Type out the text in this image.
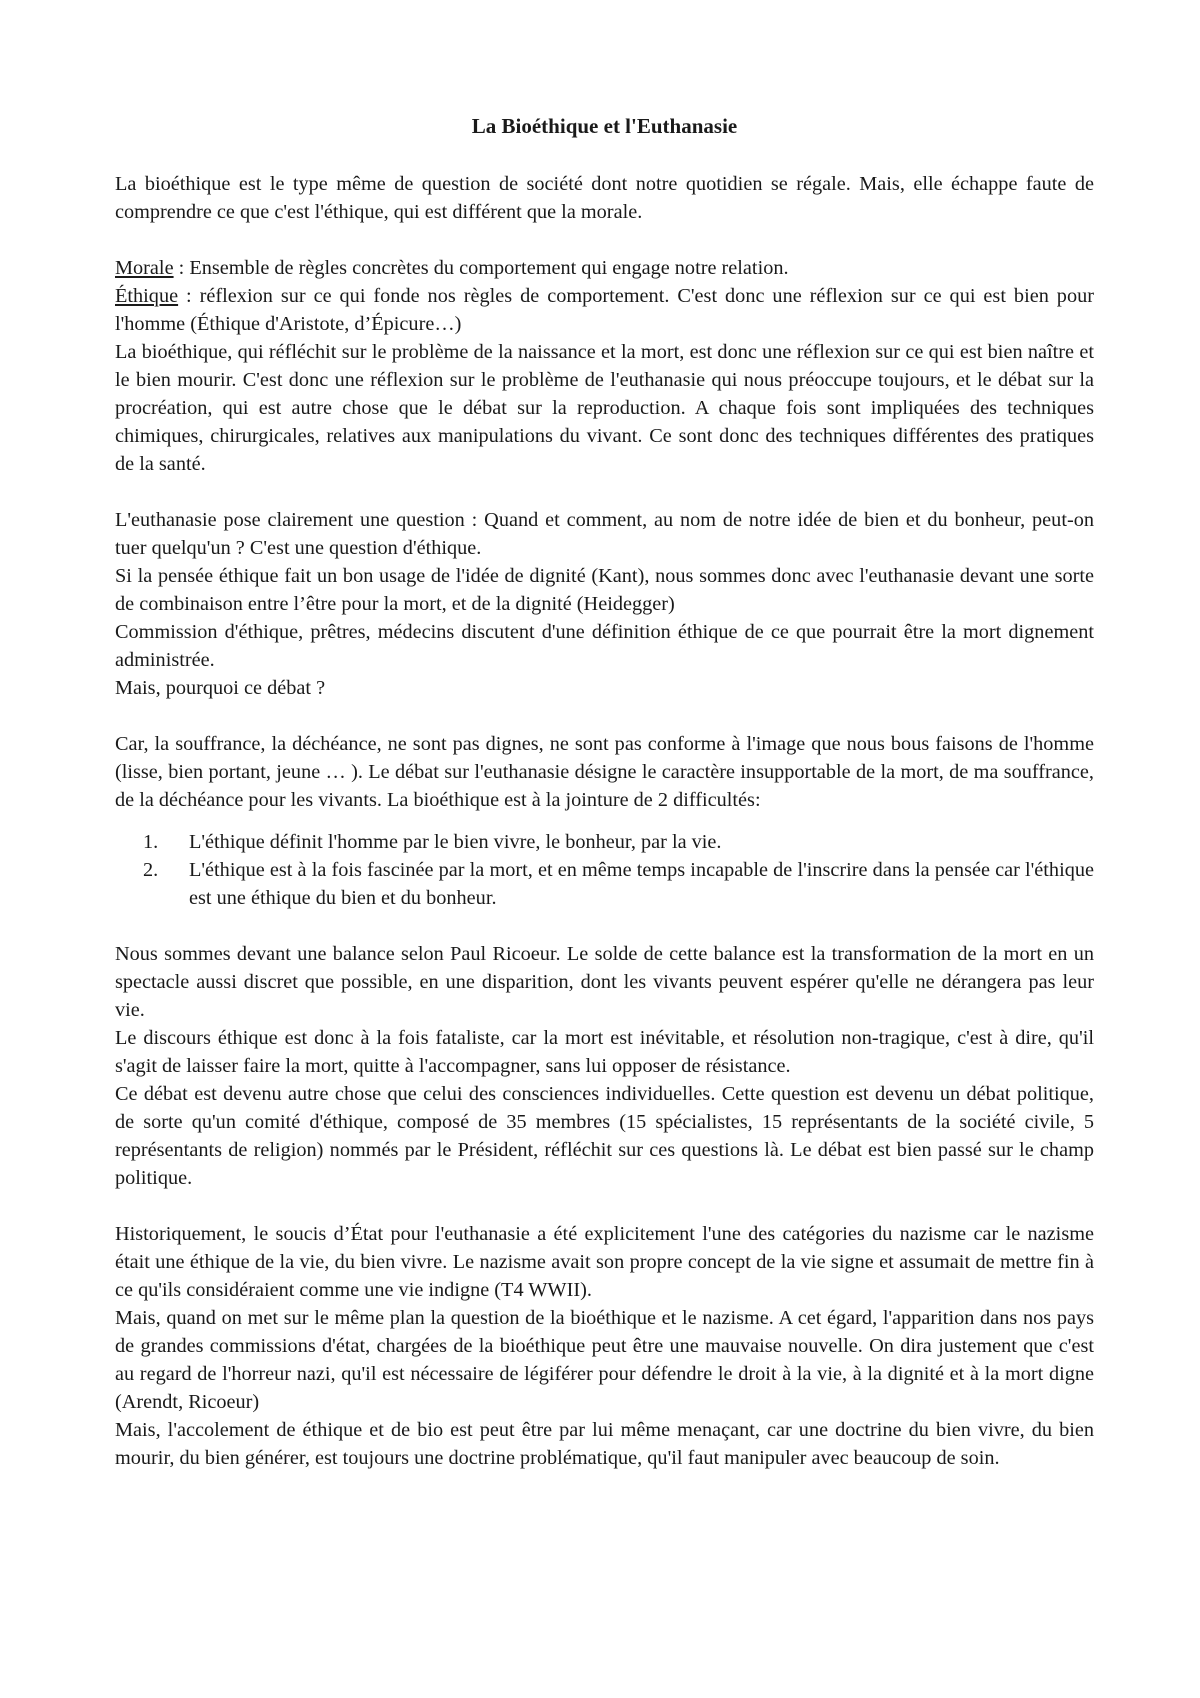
La Bioéthique et l'Euthanasie

La bioéthique est le type même de question de société dont notre quotidien se régale. Mais, elle échappe faute de comprendre ce que c'est l'éthique, qui est différent que la morale.

Morale : Ensemble de règles concrètes du comportement qui engage notre relation.

Éthique : réflexion sur ce qui fonde nos règles de comportement. C'est donc une réflexion sur ce qui est bien pour l'homme (Éthique d'Aristote, d’Épicure…)

La bioéthique, qui réfléchit sur le problème de la naissance et la mort, est donc une réflexion sur ce qui est bien naître et le bien mourir. C'est donc une réflexion sur le problème de l'euthanasie qui nous préoccupe toujours, et le débat sur la procréation, qui est autre chose que le débat sur la reproduction. A chaque fois sont impliquées des techniques chimiques, chirurgicales, relatives aux manipulations du vivant. Ce sont donc des techniques différentes des pratiques de la santé.

L'euthanasie pose clairement une question : Quand et comment, au nom de notre idée de bien et du bonheur, peut-on tuer quelqu'un ? C'est une question d'éthique.

Si la pensée éthique fait un bon usage de l'idée de dignité (Kant), nous sommes donc avec l'euthanasie devant une sorte de combinaison entre l’être pour la mort, et de la dignité (Heidegger)

Commission d'éthique, prêtres, médecins discutent d'une définition éthique de ce que pourrait être la mort dignement administrée.

Mais, pourquoi ce débat ?

Car, la souffrance, la déchéance, ne sont pas dignes, ne sont pas conforme à l'image que nous bous faisons de l'homme (lisse, bien portant, jeune … ). Le débat sur l'euthanasie désigne le caractère insupportable de la mort, de ma souffrance, de la déchéance pour les vivants. La bioéthique est à la jointure de 2 difficultés:

1. L'éthique définit l'homme par le bien vivre, le bonheur, par la vie.
2. L'éthique est à la fois fascinée par la mort, et en même temps incapable de l'inscrire dans la pensée car l'éthique est une éthique du bien et du bonheur.

Nous sommes devant une balance selon Paul Ricoeur. Le solde de cette balance est la transformation de la mort en un spectacle aussi discret que possible, en une disparition, dont les vivants peuvent espérer qu'elle ne dérangera pas leur vie.

Le discours éthique est donc à la fois fataliste, car la mort est inévitable, et résolution non-tragique, c'est à dire, qu'il s'agit de laisser faire la mort, quitte à l'accompagner, sans lui opposer de résistance.

Ce débat est devenu autre chose que celui des consciences individuelles. Cette question est devenu un débat politique, de sorte qu'un comité d'éthique, composé de 35 membres (15 spécialistes, 15 représentants de la société civile, 5 représentants de religion) nommés par le Président, réfléchit sur ces questions là. Le débat est bien passé sur le champ politique.

Historiquement, le soucis d’État pour l'euthanasie a été explicitement l'une des catégories du nazisme car le nazisme était une éthique de la vie, du bien vivre. Le nazisme avait son propre concept de la vie signe et assumait de mettre fin à ce qu'ils considéraient comme une vie indigne (T4 WWII).

Mais, quand on met sur le même plan la question de la bioéthique et le nazisme. A cet égard, l'apparition dans nos pays de grandes commissions d'état, chargées de la bioéthique peut être une mauvaise nouvelle. On dira justement que c'est au regard de l'horreur nazi, qu'il est nécessaire de légiférer pour défendre le droit à la vie, à la dignité et à la mort digne (Arendt, Ricoeur)

Mais, l'accolement de éthique et de bio est peut être par lui même menaçant, car une doctrine du bien vivre, du bien mourir, du bien générer, est toujours une doctrine problématique, qu'il faut manipuler avec beaucoup de soin.
